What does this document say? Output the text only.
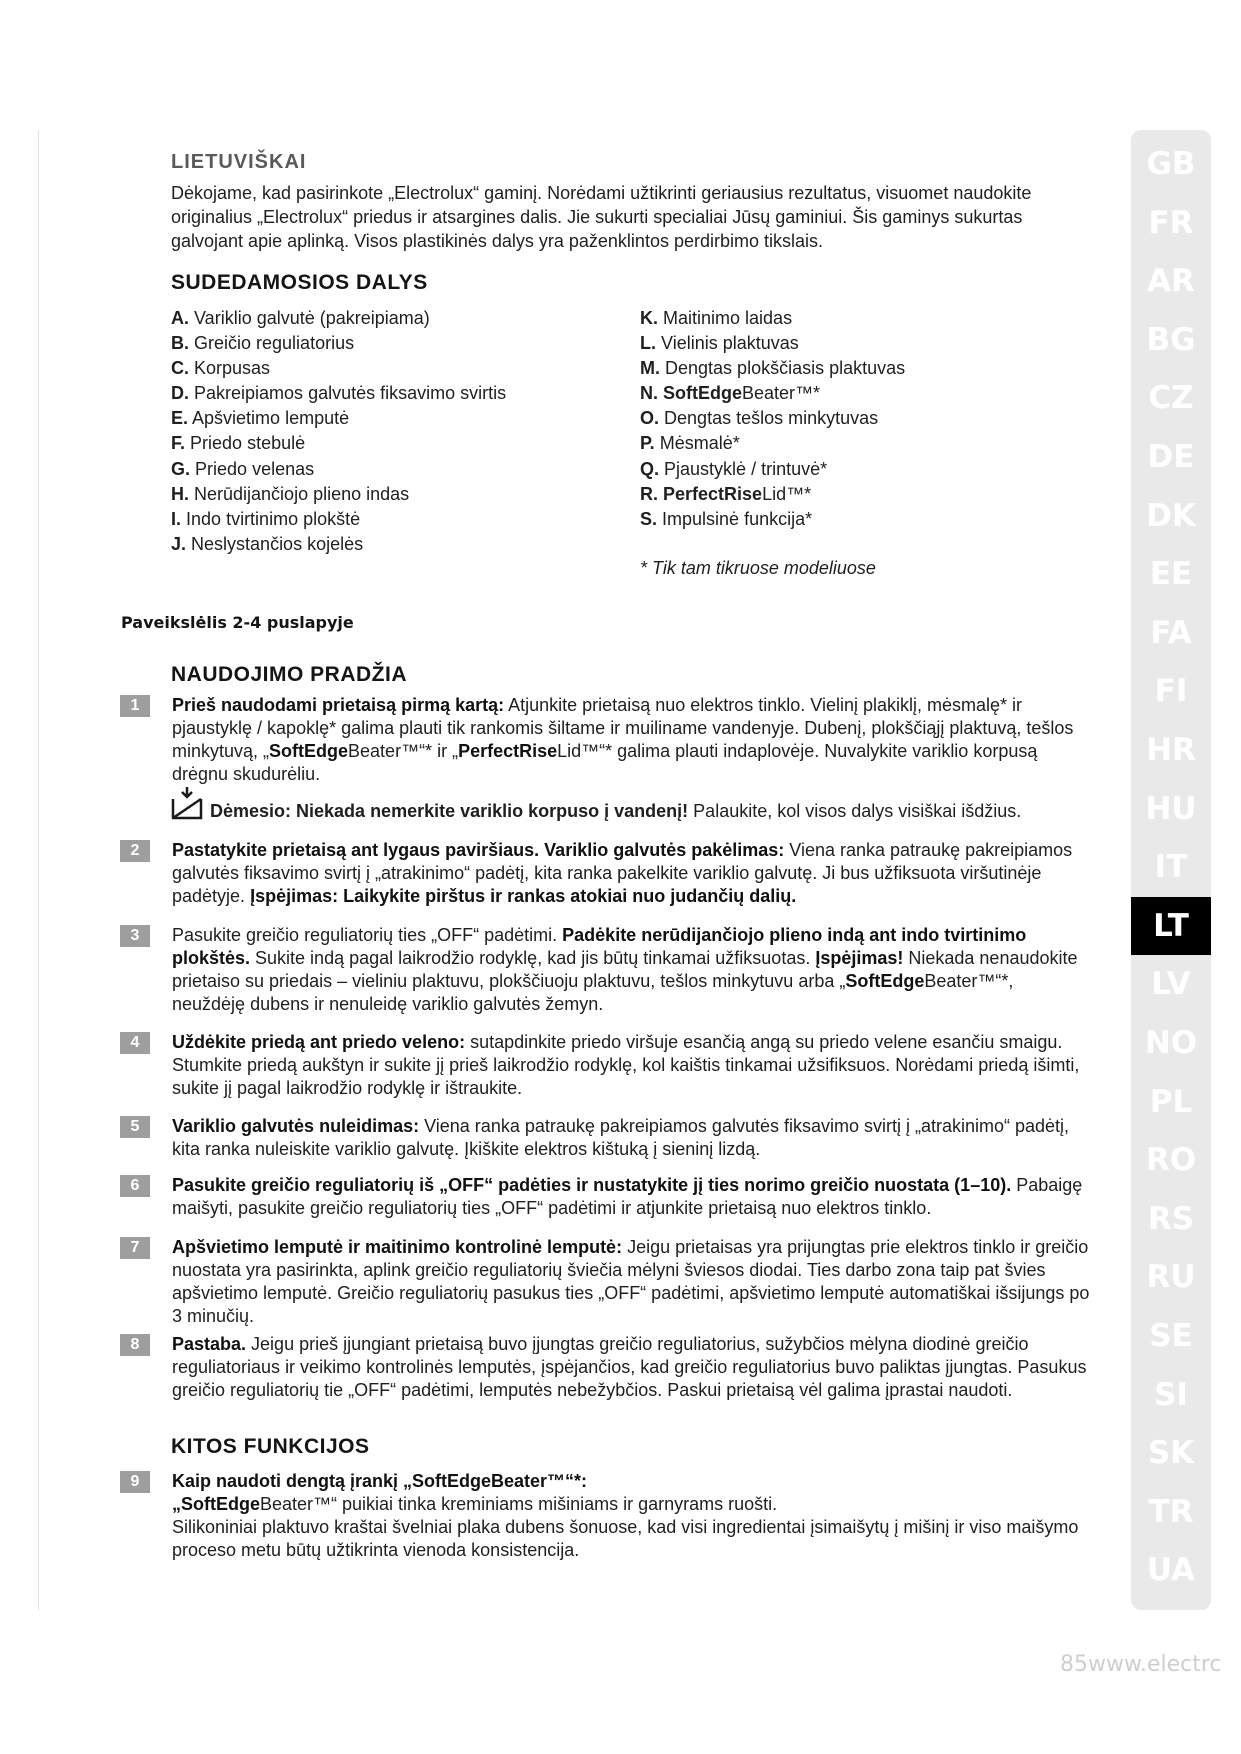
LIETUVIŠKAI

Dėkojame, kad pasirinkote „Electrolux“ gaminį. Norėdami užtikrinti geriausius rezultatus, visuomet naudokite originalius „Electrolux“ priedus ir atsargines dalis. Jie sukurti specialiai Jūsų gaminiui. Šis gaminys sukurtas galvojant apie aplinką. Visos plastikinės dalys yra paženklintos perdirbimo tikslais.

SUDEDAMOSIOS DALYS
A. Variklio galvutė (pakreipiama)
B. Greičio reguliatorius
C. Korpusas
D. Pakreipiamos galvutės fiksavimo svirtis
E. Apšvietimo lemputė
F. Priedo stebulė
G. Priedo velenas
H. Nerūdijančiojo plieno indas
I. Indo tvirtinimo plokštė
J. Neslystančios kojelės
K. Maitinimo laidas
L. Vielinis plaktuvas
M. Dengtas plokščiasis plaktuvas
N. SoftEdgeBeater™*
O. Dengtas tešlos minkytuvas
P. Mėsmalė*
Q. Pjaustyklė / trintuvė*
R. PerfectRiseLid™*
S. Impulsinė funkcija*
* Tik tam tikruose modeliuose
Paveikslėlis 2-4 puslapyje
NAUDOJIMO PRADŽIA
1	Prieš naudodami prietaisą pirmą kartą: Atjunkite prietaisą nuo elektros tinklo. Vielinį plakiklį, mėsmalę* ir pjaustyklę / kapoklę* galima plauti tik rankomis šiltame ir muiliname vandenyje. Dubenį, plokščiąjį plaktuvą, tešlos minkytuvą, „SoftEdgeBeater™“* ir „PerfectRiseLid™“* galima plauti indaplovėje. Nuvalykite variklio korpusą drėgnu skudurėliu.

Dėmesio: Niekada nemerkite variklio korpuso į vandenį! Palaukite, kol visos dalys visiškai išdžius.
2	Pastatykite prietaisą ant lygaus paviršiaus. Variklio galvutės pakėlimas: Viena ranka patraukę pakreipiamos galvutės fiksavimo svirtį į „atrakinimo“ padėtį, kita ranka pakelkite variklio galvutę. Ji bus užfiksuota viršutinėje padėtyje. Įspėjimas: Laikykite pirštus ir rankas atokiai nuo judančių dalių.

3	Pasukite greičio reguliatorių ties „OFF“ padėtimi. Padėkite nerūdijančiojo plieno indą ant indo tvirtinimo plokštės. Sukite indą pagal laikrodžio rodyklę, kad jis būtų tinkamai užfiksuotas. Įspėjimas! Niekada nenaudokite prietaiso su priedais – vieliniu plaktuvu, plokščiuoju plaktuvu, tešlos minkytuvu arba „SoftEdgeBeater™“*, neuždėję dubens ir nenuleidę variklio galvutės žemyn.

4	Uždėkite priedą ant priedo veleno: sutapdinkite priedo viršuje esančią angą su priedo velene esančiu smaigu. Stumkite priedą aukštyn ir sukite jį prieš laikrodžio rodyklę, kol kaištis tinkamai užsifiksuos. Norėdami priedą išimti, sukite jį pagal laikrodžio rodyklę ir ištraukite.

5	Variklio galvutės nuleidimas: Viena ranka patraukę pakreipiamos galvutės fiksavimo svirtį į „atrakinimo“ padėtį, kita ranka nuleiskite variklio galvutę. Įkiškite elektros kištuką į sieninį lizdą.

6	Pasukite greičio reguliatorių iš „OFF“ padėties ir nustatykite jį ties norimo greičio nuostata (1–10). Pabaigę maišyti, pasukite greičio reguliatorių ties „OFF“ padėtimi ir atjunkite prietaisą nuo elektros tinklo.

7	Apšvietimo lemputė ir maitinimo kontrolinė lemputė: Jeigu prietaisas yra prijungtas prie elektros tinklo ir greičio nuostata yra pasirinkta, aplink greičio reguliatorių šviečia mėlyni šviesos diodai. Ties darbo zona taip pat švies apšvietimo lemputė. Greičio reguliatorių pasukus ties „OFF“ padėtimi, apšvietimo lemputė automatiškai išsijungs po 3 minučių.

8	Pastaba. Jeigu prieš įjungiant prietaisą buvo įjungtas greičio reguliatorius, sužybčios mėlyna diodinė greičio reguliatoriaus ir veikimo kontrolinės lemputės, įspėjančios, kad greičio reguliatorius buvo paliktas įjungtas. Pasukus greičio reguliatorių tie „OFF“ padėtimi, lemputės nebežybčios. Paskui prietaisą vėl galima įprastai naudoti.

KITOS FUNKCIJOS
9	Kaip naudoti dengtą įrankį „SoftEdgeBeater™“*:
„SoftEdgeBeater™“ puikiai tinka kreminiams mišiniams ir garnyrams ruošti.
Silikoniniai plaktuvo kraštai švelniai plaka dubens šonuose, kad visi ingredientai įsimaišytų į mišinį ir viso maišymo proceso metu būtų užtikrinta vienoda konsistencija.

GB
FR
AR
BG
CZ
DE
DK
EE
FA
FI
HR
HU
IT
LT
LV
NO
PL
RO
RS
RU
SE
SI
SK
TR
UA
85www.electrc
